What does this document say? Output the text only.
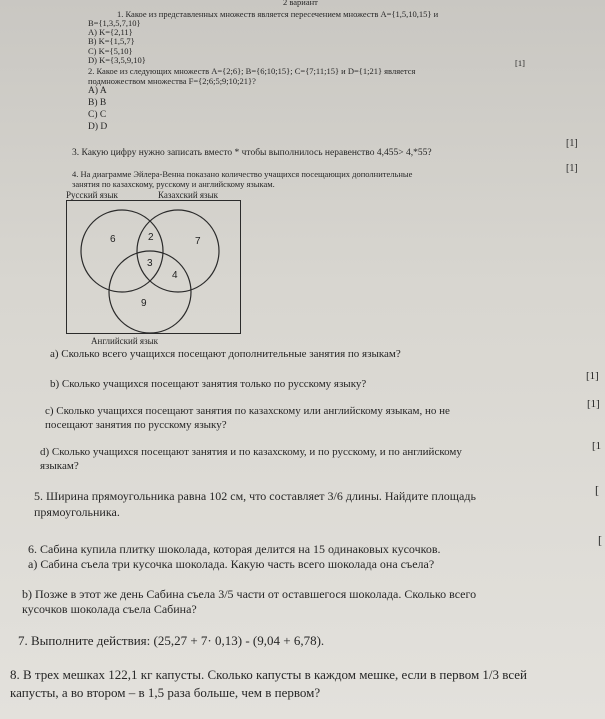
2 вариант
1. Какое из представленных множеств является пересечением множеств А={1,5,10,15} и
В={1,3,5,7,10}
A) K={2,11}
B) K={1,5,7}
C) K={5,10}
D) K={3,5,9,10}	[1]
2. Какое из следующих множеств А={2;6}; В={6;10;15}; С={7;11;15} и D={1;21} является
подмножеством множества F={2;6;5;9;10;21}?
A) A
B) B
C) C
D) D
[1]
3. Какую цифру нужно записать вместо * чтобы выполнилось неравенство 4,455> 4,*55?
[1]
4. На диаграмме Эйлера-Венна показано количество учащихся посещающих дополнительные
занятия по казахскому, русскому и английскому языкам.
Русский язык	Казахский язык
6	2	7
3
4
9
Английский язык
а) Сколько всего учащихся посещают дополнительные занятия по языкам?
[1]
b) Сколько учащихся посещают занятия только по русскому языку?
[1]
с) Сколько учащихся посещают занятия по казахскому или английскому языкам, но не
посещают занятия по русскому языку?
[1
d) Сколько учащихся посещают занятия и по казахскому, и по русскому, и по английскому
языкам?
[
5. Ширина прямоугольника равна 102 см, что составляет 3/6 длины. Найдите площадь
прямоугольника.
[
6. Сабина купила плитку шоколада, которая делится на 15 одинаковых кусочков.
а) Сабина съела три кусочка шоколада. Какую часть всего шоколада она съела?
b) Позже в этот же день Сабина съела 3/5 части от оставшегося шоколада. Сколько всего
кусочков шоколада съела Сабина?
7. Выполните действия: (25,27 + 7· 0,13) - (9,04 + 6,78).
8. В трех мешках 122,1 кг капусты. Сколько капусты в каждом мешке, если в первом 1/3 всей
капусты, а во втором – в 1,5 раза больше, чем в первом?
